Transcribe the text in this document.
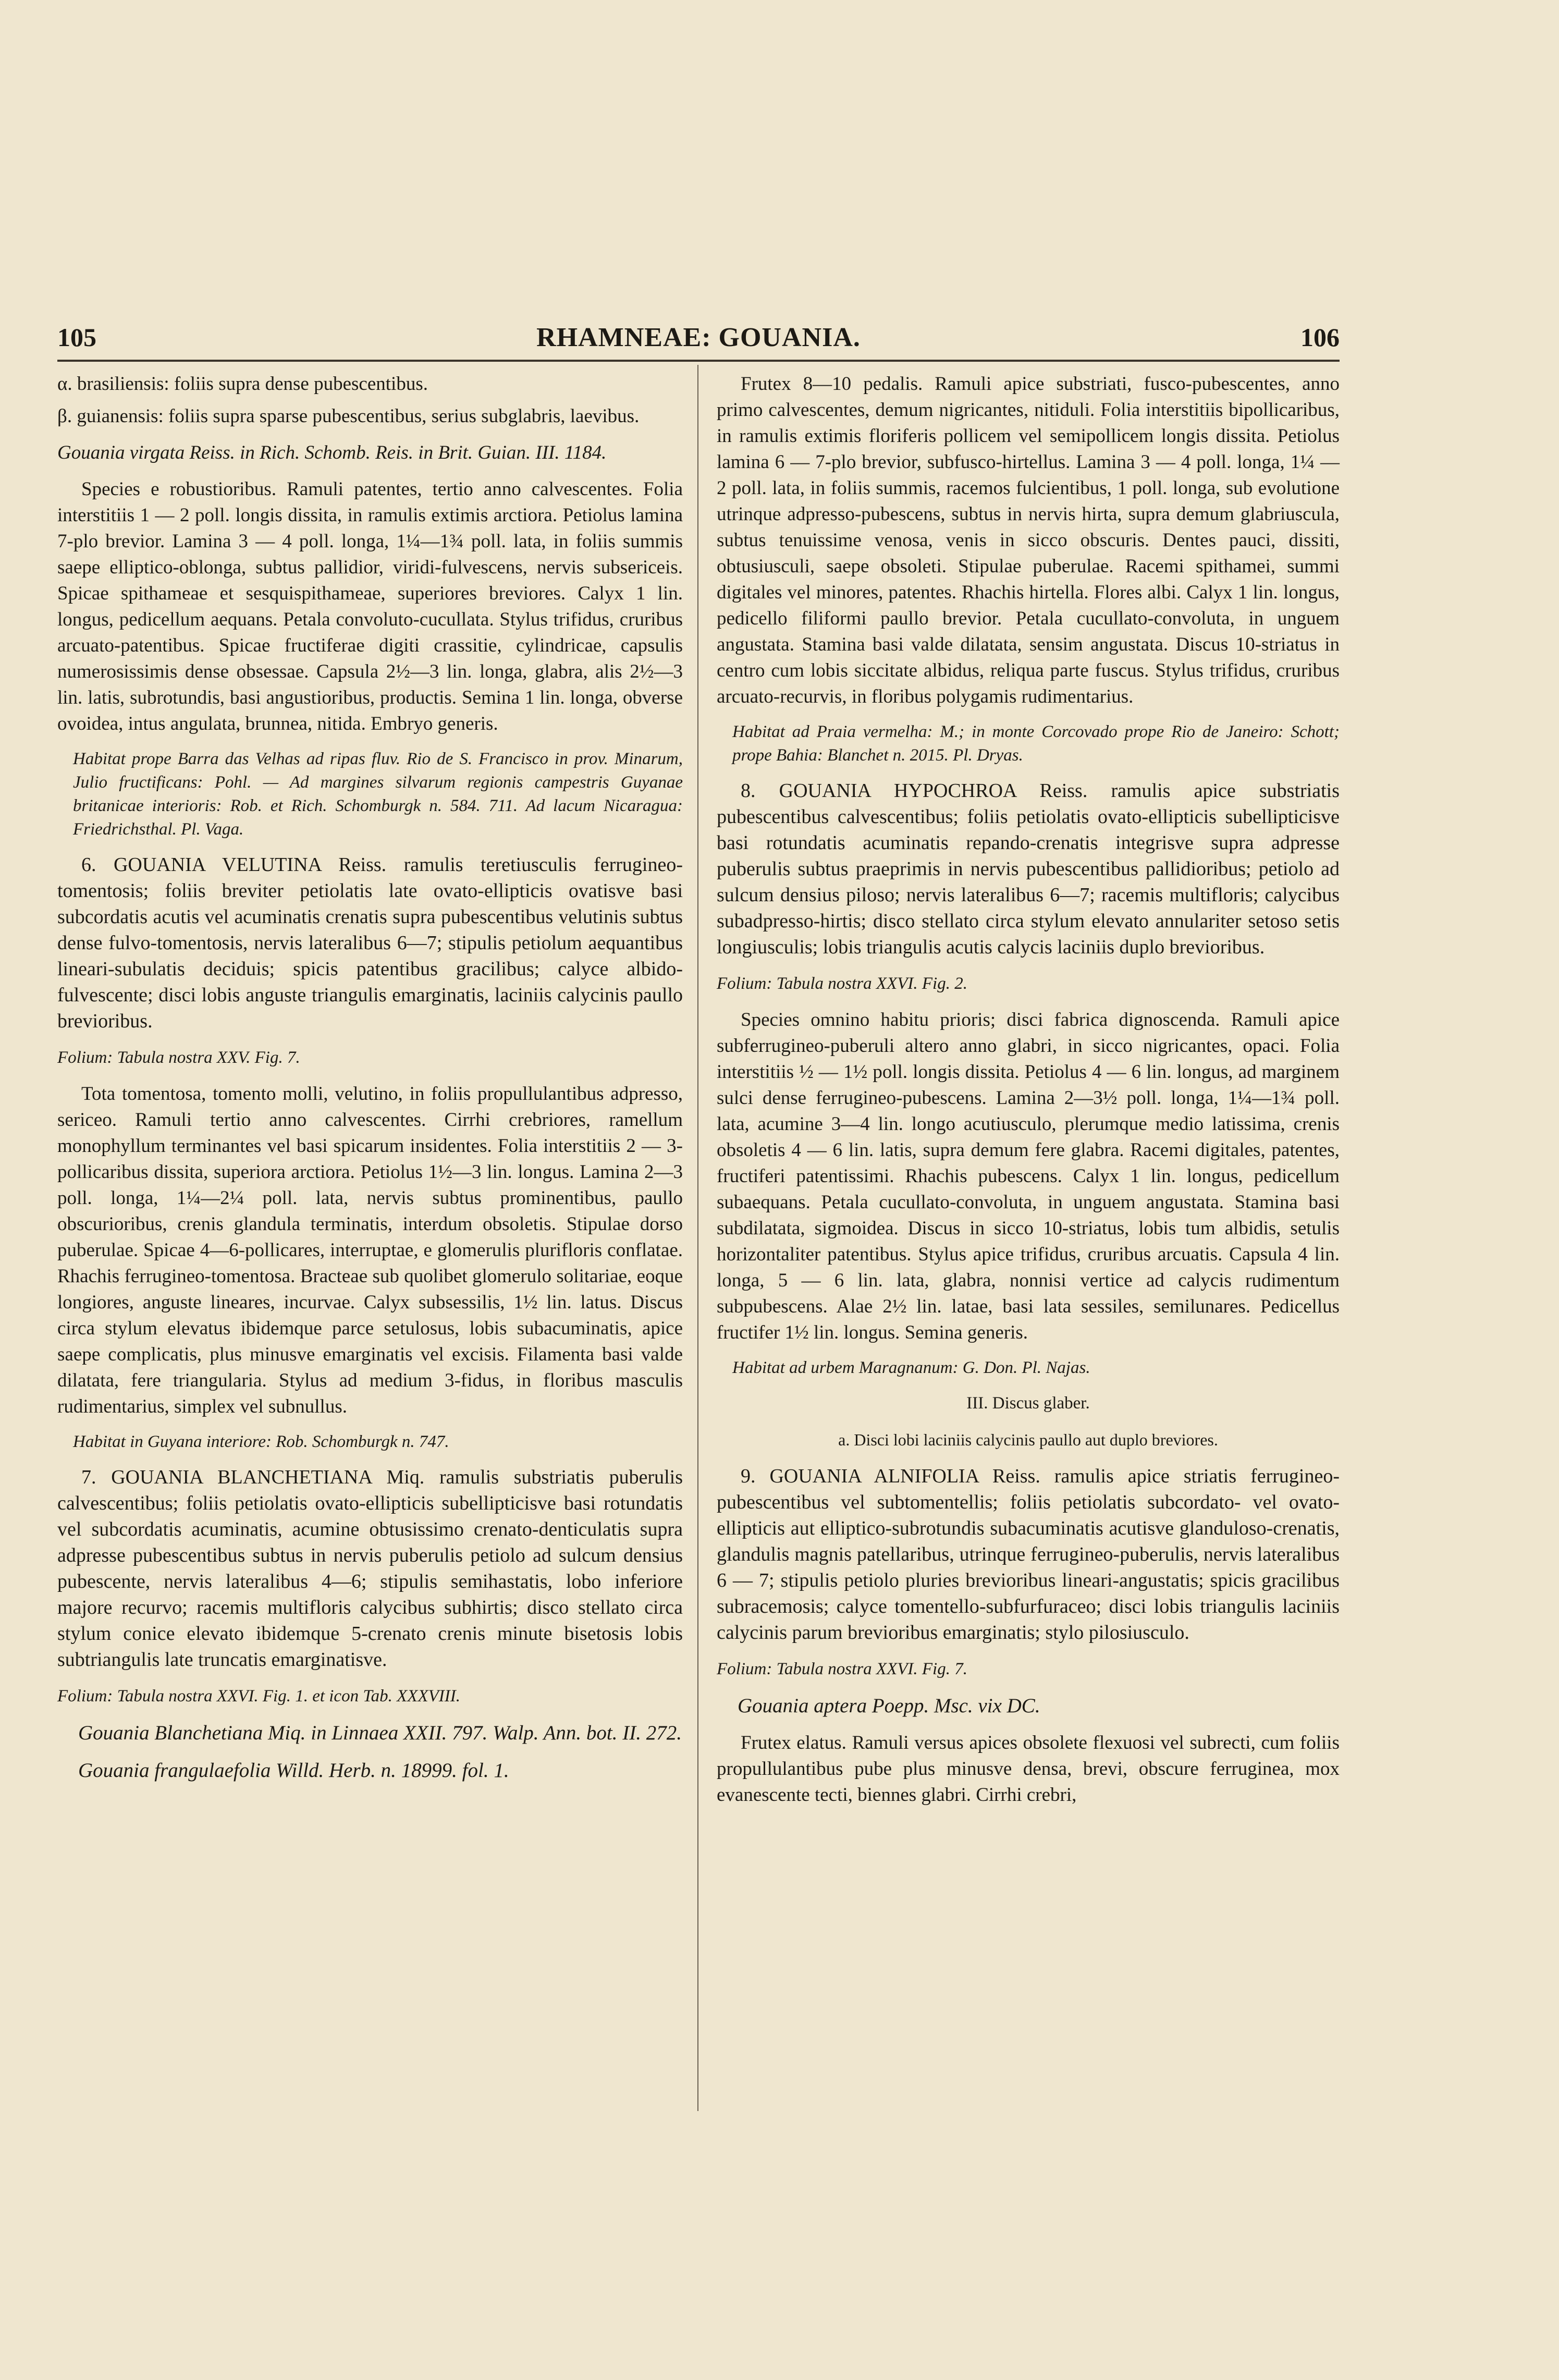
105	RHAMNEAE: GOUANIA.	106

α. brasiliensis: foliis supra dense pubescentibus.

β. guianensis: foliis supra sparse pubescentibus, serius subglabris, laevibus.

Gouania virgata Reiss. in Rich. Schomb. Reis. in Brit. Guian. III. 1184.

Species e robustioribus. Ramuli patentes, tertio anno calvescentes. Folia interstitiis 1 — 2 poll. longis dissita, in ramulis extimis arctiora. Petiolus lamina 7-plo brevior. Lamina 3 — 4 poll. longa, 1¼—1¾ poll. lata, in foliis summis saepe elliptico-oblonga, subtus pallidior, viridi-fulvescens, nervis subsericeis. Spicae spithameae et sesquispithameae, superiores breviores. Calyx 1 lin. longus, pedicellum aequans. Petala convoluto-cucullata. Stylus trifidus, cruribus arcuato-patentibus. Spicae fructiferae digiti crassitie, cylindricae, capsulis numerosissimis dense obsessae. Capsula 2½—3 lin. longa, glabra, alis 2½—3 lin. latis, subrotundis, basi angustioribus, productis. Semina 1 lin. longa, obverse ovoidea, intus angulata, brunnea, nitida. Embryo generis.

Habitat prope Barra das Velhas ad ripas fluv. Rio de S. Francisco in prov. Minarum, Julio fructificans: Pohl. — Ad margines silvarum regionis campestris Guyanae britanicae interioris: Rob. et Rich. Schomburgk n. 584. 711. Ad lacum Nicaragua: Friedrichsthal. Pl. Vaga.

6. GOUANIA VELUTINA Reiss. ramulis teretiusculis ferrugineo-tomentosis; foliis breviter petiolatis late ovato-ellipticis ovatisve basi subcordatis acutis vel acuminatis crenatis supra pubescentibus velutinis subtus dense fulvo-tomentosis, nervis lateralibus 6—7; stipulis petiolum aequantibus lineari-subulatis deciduis; spicis patentibus gracilibus; calyce albido-fulvescente; disci lobis anguste triangulis emarginatis, laciniis calycinis paullo brevioribus.

Folium: Tabula nostra XXV. Fig. 7.

Tota tomentosa, tomento molli, velutino, in foliis propullulantibus adpresso, sericeo. Ramuli tertio anno calvescentes. Cirrhi crebriores, ramellum monophyllum terminantes vel basi spicarum insidentes. Folia interstitiis 2 — 3-pollicaribus dissita, superiora arctiora. Petiolus 1½—3 lin. longus. Lamina 2—3 poll. longa, 1¼—2¼ poll. lata, nervis subtus prominentibus, paullo obscurioribus, crenis glandula terminatis, interdum obsoletis. Stipulae dorso puberulae. Spicae 4—6-pollicares, interruptae, e glomerulis plurifloris conflatae. Rhachis ferrugineo-tomentosa. Bracteae sub quolibet glomerulo solitariae, eoque longiores, anguste lineares, incurvae. Calyx subsessilis, 1½ lin. latus. Discus circa stylum elevatus ibidemque parce setulosus, lobis subacuminatis, apice saepe complicatis, plus minusve emarginatis vel excisis. Filamenta basi valde dilatata, fere triangularia. Stylus ad medium 3-fidus, in floribus masculis rudimentarius, simplex vel subnullus.

Habitat in Guyana interiore: Rob. Schomburgk n. 747.

7. GOUANIA BLANCHETIANA Miq. ramulis substriatis puberulis calvescentibus; foliis petiolatis ovato-ellipticis subellipticisve basi rotundatis vel subcordatis acuminatis, acumine obtusissimo crenato-denticulatis supra adpresse pubescentibus subtus in nervis puberulis petiolo ad sulcum densius pubescente, nervis lateralibus 4—6; stipulis semihastatis, lobo inferiore majore recurvo; racemis multifloris calycibus subhirtis; disco stellato circa stylum conice elevato ibidemque 5-crenato crenis minute bisetosis lobis subtriangulis late truncatis emarginatisve.

Folium: Tabula nostra XXVI. Fig. 1. et icon Tab. XXXVIII.

Gouania Blanchetiana Miq. in Linnaea XXII. 797. Walp. Ann. bot. II. 272.

Gouania frangulaefolia Willd. Herb. n. 18999. fol. 1.

Frutex 8—10 pedalis. Ramuli apice substriati, fusco-pubescentes, anno primo calvescentes, demum nigricantes, nitiduli. Folia interstitiis bipollicaribus, in ramulis extimis floriferis pollicem vel semipollicem longis dissita. Petiolus lamina 6 — 7-plo brevior, subfusco-hirtellus. Lamina 3 — 4 poll. longa, 1¼ — 2 poll. lata, in foliis summis, racemos fulcientibus, 1 poll. longa, sub evolutione utrinque adpresso-pubescens, subtus in nervis hirta, supra demum glabriuscula, subtus tenuissime venosa, venis in sicco obscuris. Dentes pauci, dissiti, obtusiusculi, saepe obsoleti. Stipulae puberulae. Racemi spithamei, summi digitales vel minores, patentes. Rhachis hirtella. Flores albi. Calyx 1 lin. longus, pedicello filiformi paullo brevior. Petala cucullato-convoluta, in unguem angustata. Stamina basi valde dilatata, sensim angustata. Discus 10-striatus in centro cum lobis siccitate albidus, reliqua parte fuscus. Stylus trifidus, cruribus arcuato-recurvis, in floribus polygamis rudimentarius.

Habitat ad Praia vermelha: M.; in monte Corcovado prope Rio de Janeiro: Schott; prope Bahia: Blanchet n. 2015. Pl. Dryas.

8. GOUANIA HYPOCHROA Reiss. ramulis apice substriatis pubescentibus calvescentibus; foliis petiolatis ovato-ellipticis subellipticisve basi rotundatis acuminatis repando-crenatis integrisve supra adpresse puberulis subtus praeprimis in nervis pubescentibus pallidioribus; petiolo ad sulcum densius piloso; nervis lateralibus 6—7; racemis multifloris; calycibus subadpresso-hirtis; disco stellato circa stylum elevato annulariter setoso setis longiusculis; lobis triangulis acutis calycis laciniis duplo brevioribus.

Folium: Tabula nostra XXVI. Fig. 2.

Species omnino habitu prioris; disci fabrica dignoscenda. Ramuli apice subferrugineo-puberuli altero anno glabri, in sicco nigricantes, opaci. Folia interstitiis ½ — 1½ poll. longis dissita. Petiolus 4 — 6 lin. longus, ad marginem sulci dense ferrugineo-pubescens. Lamina 2—3½ poll. longa, 1¼—1¾ poll. lata, acumine 3—4 lin. longo acutiusculo, plerumque medio latissima, crenis obsoletis 4 — 6 lin. latis, supra demum fere glabra. Racemi digitales, patentes, fructiferi patentissimi. Rhachis pubescens. Calyx 1 lin. longus, pedicellum subaequans. Petala cucullato-convoluta, in unguem angustata. Stamina basi subdilatata, sigmoidea. Discus in sicco 10-striatus, lobis tum albidis, setulis horizontaliter patentibus. Stylus apice trifidus, cruribus arcuatis. Capsula 4 lin. longa, 5 — 6 lin. lata, glabra, nonnisi vertice ad calycis rudimentum subpubescens. Alae 2½ lin. latae, basi lata sessiles, semilunares. Pedicellus fructifer 1½ lin. longus. Semina generis.

Habitat ad urbem Maragnanum: G. Don. Pl. Najas.

III. Discus glaber.

a. Disci lobi laciniis calycinis paullo aut duplo breviores.

9. GOUANIA ALNIFOLIA Reiss. ramulis apice striatis ferrugineo-pubescentibus vel subtomentellis; foliis petiolatis subcordato- vel ovato-ellipticis aut elliptico-subrotundis subacuminatis acutisve glanduloso-crenatis, glandulis magnis patellaribus, utrinque ferrugineo-puberulis, nervis lateralibus 6 — 7; stipulis petiolo pluries brevioribus lineari-angustatis; spicis gracilibus subracemosis; calyce tomentello-subfurfuraceo; disci lobis triangulis laciniis calycinis parum brevioribus emarginatis; stylo pilosiusculo.

Folium: Tabula nostra XXVI. Fig. 7.

Gouania aptera Poepp. Msc. vix DC.

Frutex elatus. Ramuli versus apices obsolete flexuosi vel subrecti, cum foliis propullulantibus pube plus minusve densa, brevi, obscure ferruginea, mox evanescente tecti, biennes glabri. Cirrhi crebri,
